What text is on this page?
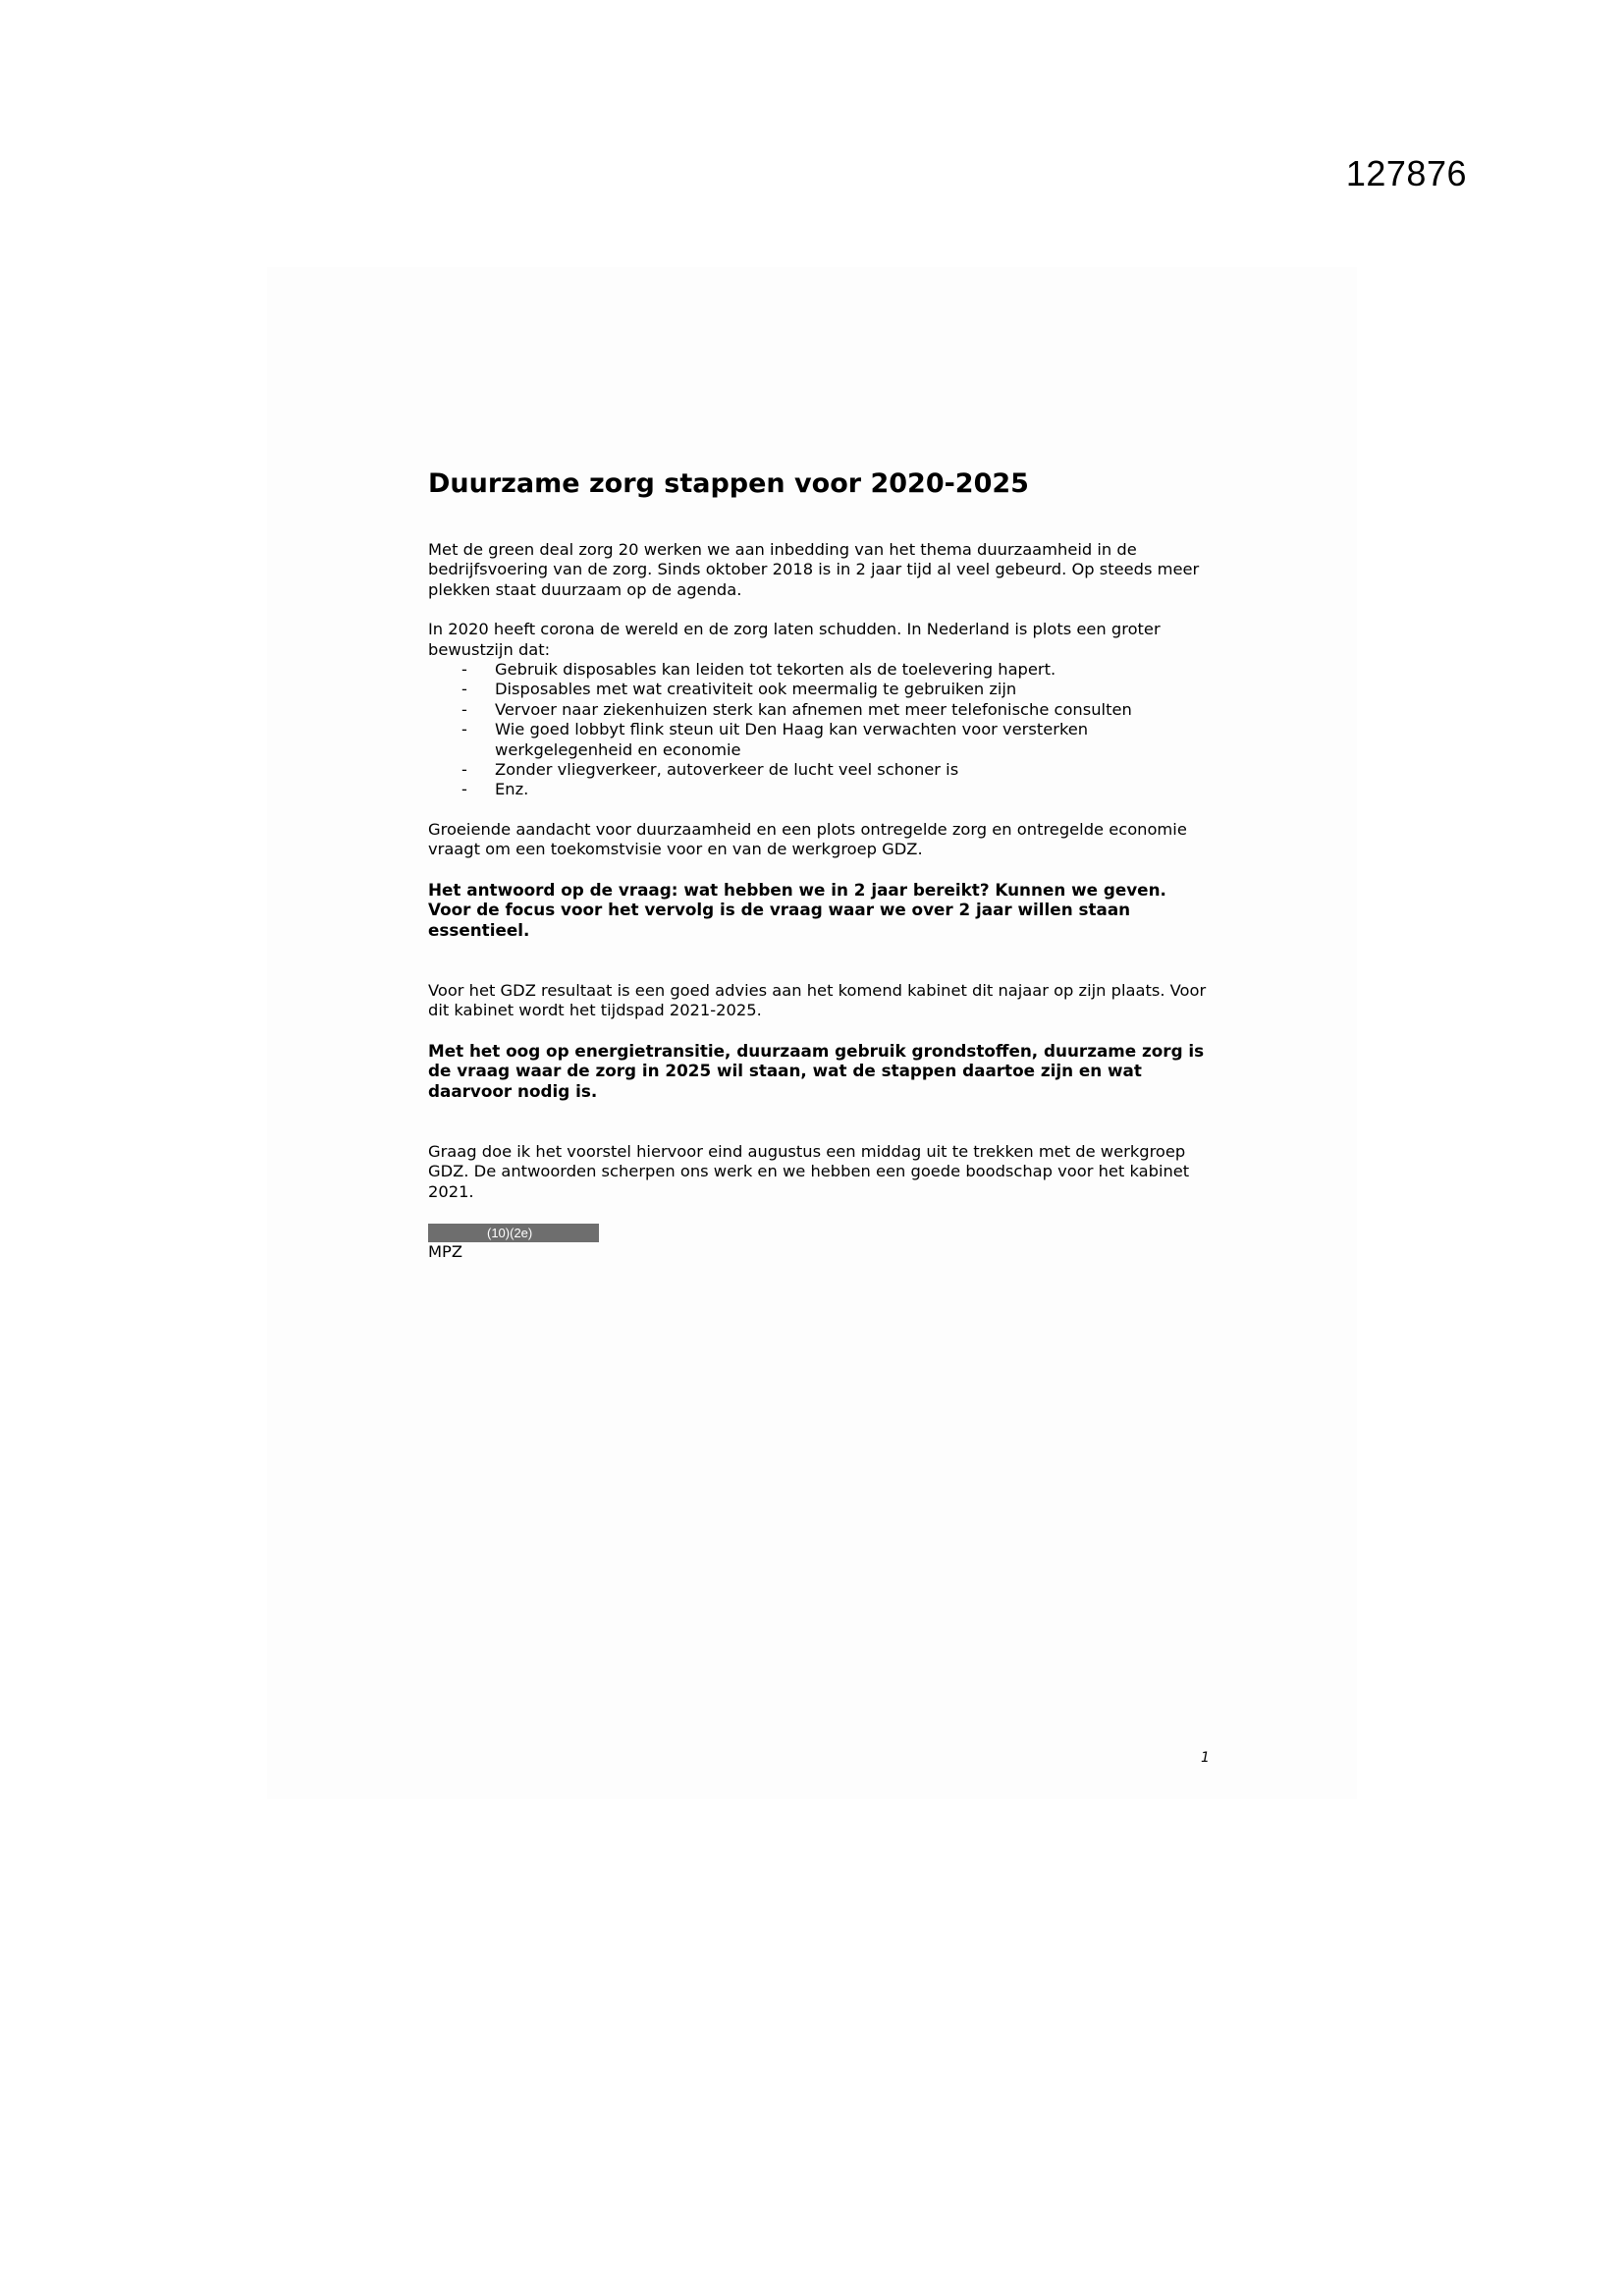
127876
Duurzame zorg stappen voor 2020-2025

Met de green deal zorg 20 werken we aan inbedding van het thema duurzaamheid in de bedrijfsvoering van de zorg. Sinds oktober 2018 is in 2 jaar tijd al veel gebeurd. Op steeds meer plekken staat duurzaam op de agenda.

In 2020 heeft corona de wereld en de zorg laten schudden. In Nederland is plots een groter bewustzijn dat:

- Gebruik disposables kan leiden tot tekorten als de toelevering hapert.
- Disposables met wat creativiteit ook meermalig te gebruiken zijn
- Vervoer naar ziekenhuizen sterk kan afnemen met meer telefonische consulten
- Wie goed lobbyt flink steun uit Den Haag kan verwachten voor versterken werkgelegenheid en economie
- Zonder vliegverkeer, autoverkeer de lucht veel schoner is
- Enz.

Groeiende aandacht voor duurzaamheid en een plots ontregelde zorg en ontregelde economie vraagt om een toekomstvisie voor en van de werkgroep GDZ.

Het antwoord op de vraag: wat hebben we in 2 jaar bereikt? Kunnen we geven. Voor de focus voor het vervolg is de vraag waar we over 2 jaar willen staan essentieel.

Voor het GDZ resultaat is een goed advies aan het komend kabinet dit najaar op zijn plaats. Voor dit kabinet wordt het tijdspad 2021-2025.

Met het oog op energietransitie, duurzaam gebruik grondstoffen, duurzame zorg is de vraag waar de zorg in 2025 wil staan, wat de stappen daartoe zijn en wat daarvoor nodig is.

Graag doe ik het voorstel hiervoor eind augustus een middag uit te trekken met de werkgroep GDZ. De antwoorden scherpen ons werk en we hebben een goede boodschap voor het kabinet 2021.

(10)(2e)
MPZ
1
